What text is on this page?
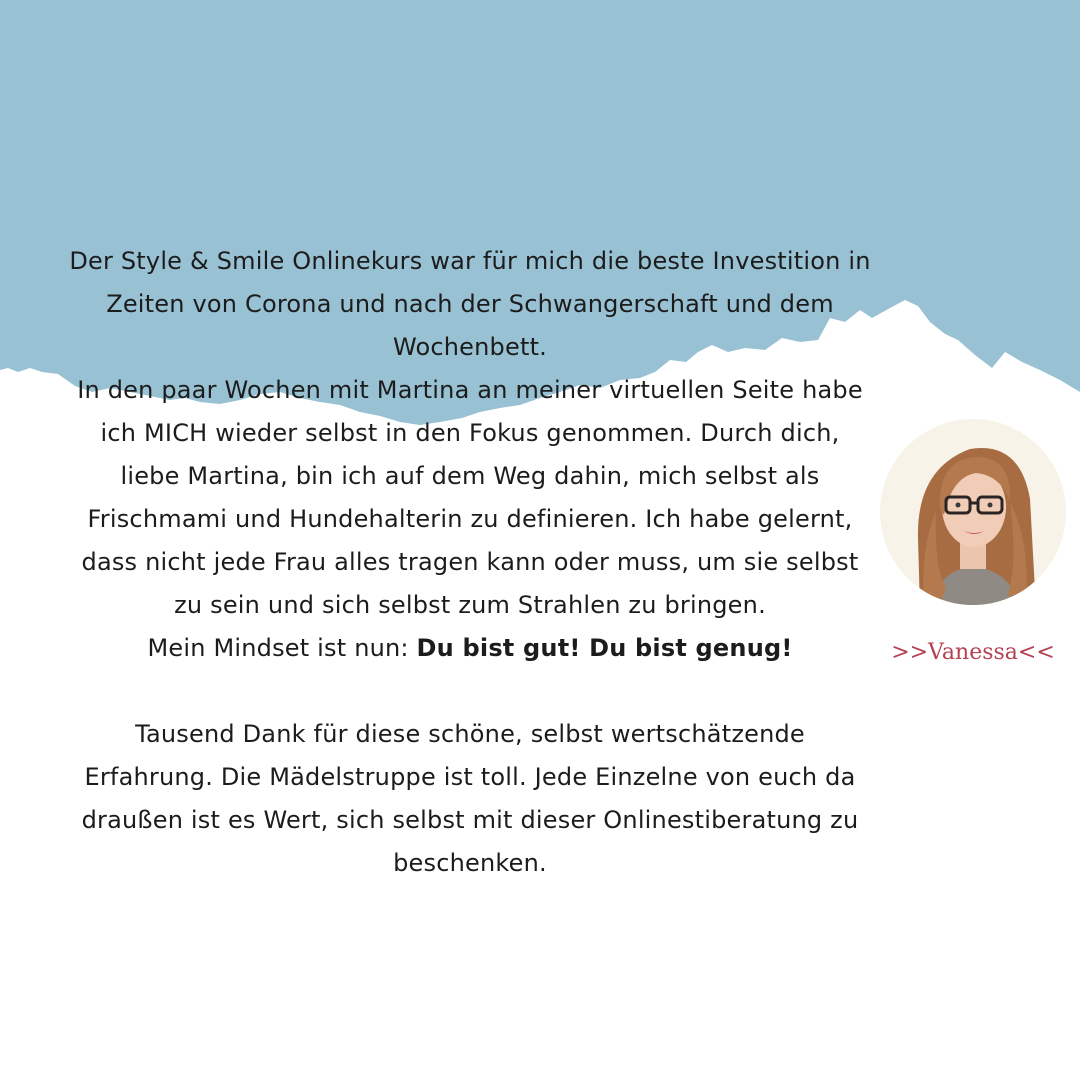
Der Style & Smile Onlinekurs war für mich die beste Investition in

Zeiten von Corona und nach der Schwangerschaft und dem

Wochenbett.

In den paar Wochen mit Martina an meiner virtuellen Seite habe

ich MICH wieder selbst in den Fokus genommen. Durch dich,

liebe Martina, bin ich auf dem Weg dahin, mich selbst als

Frischmami und Hundehalterin zu definieren. Ich habe gelernt,

dass nicht jede Frau alles tragen kann oder muss, um sie selbst

zu sein und sich selbst zum Strahlen zu bringen.

Mein Mindset ist nun: Du bist gut! Du bist genug!

Tausend Dank für diese schöne, selbst wertschätzende

Erfahrung. Die Mädelstruppe ist toll. Jede Einzelne von euch da

draußen ist es Wert, sich selbst mit dieser Onlinestiberatung zu

beschenken.

>>Vanessa<<
